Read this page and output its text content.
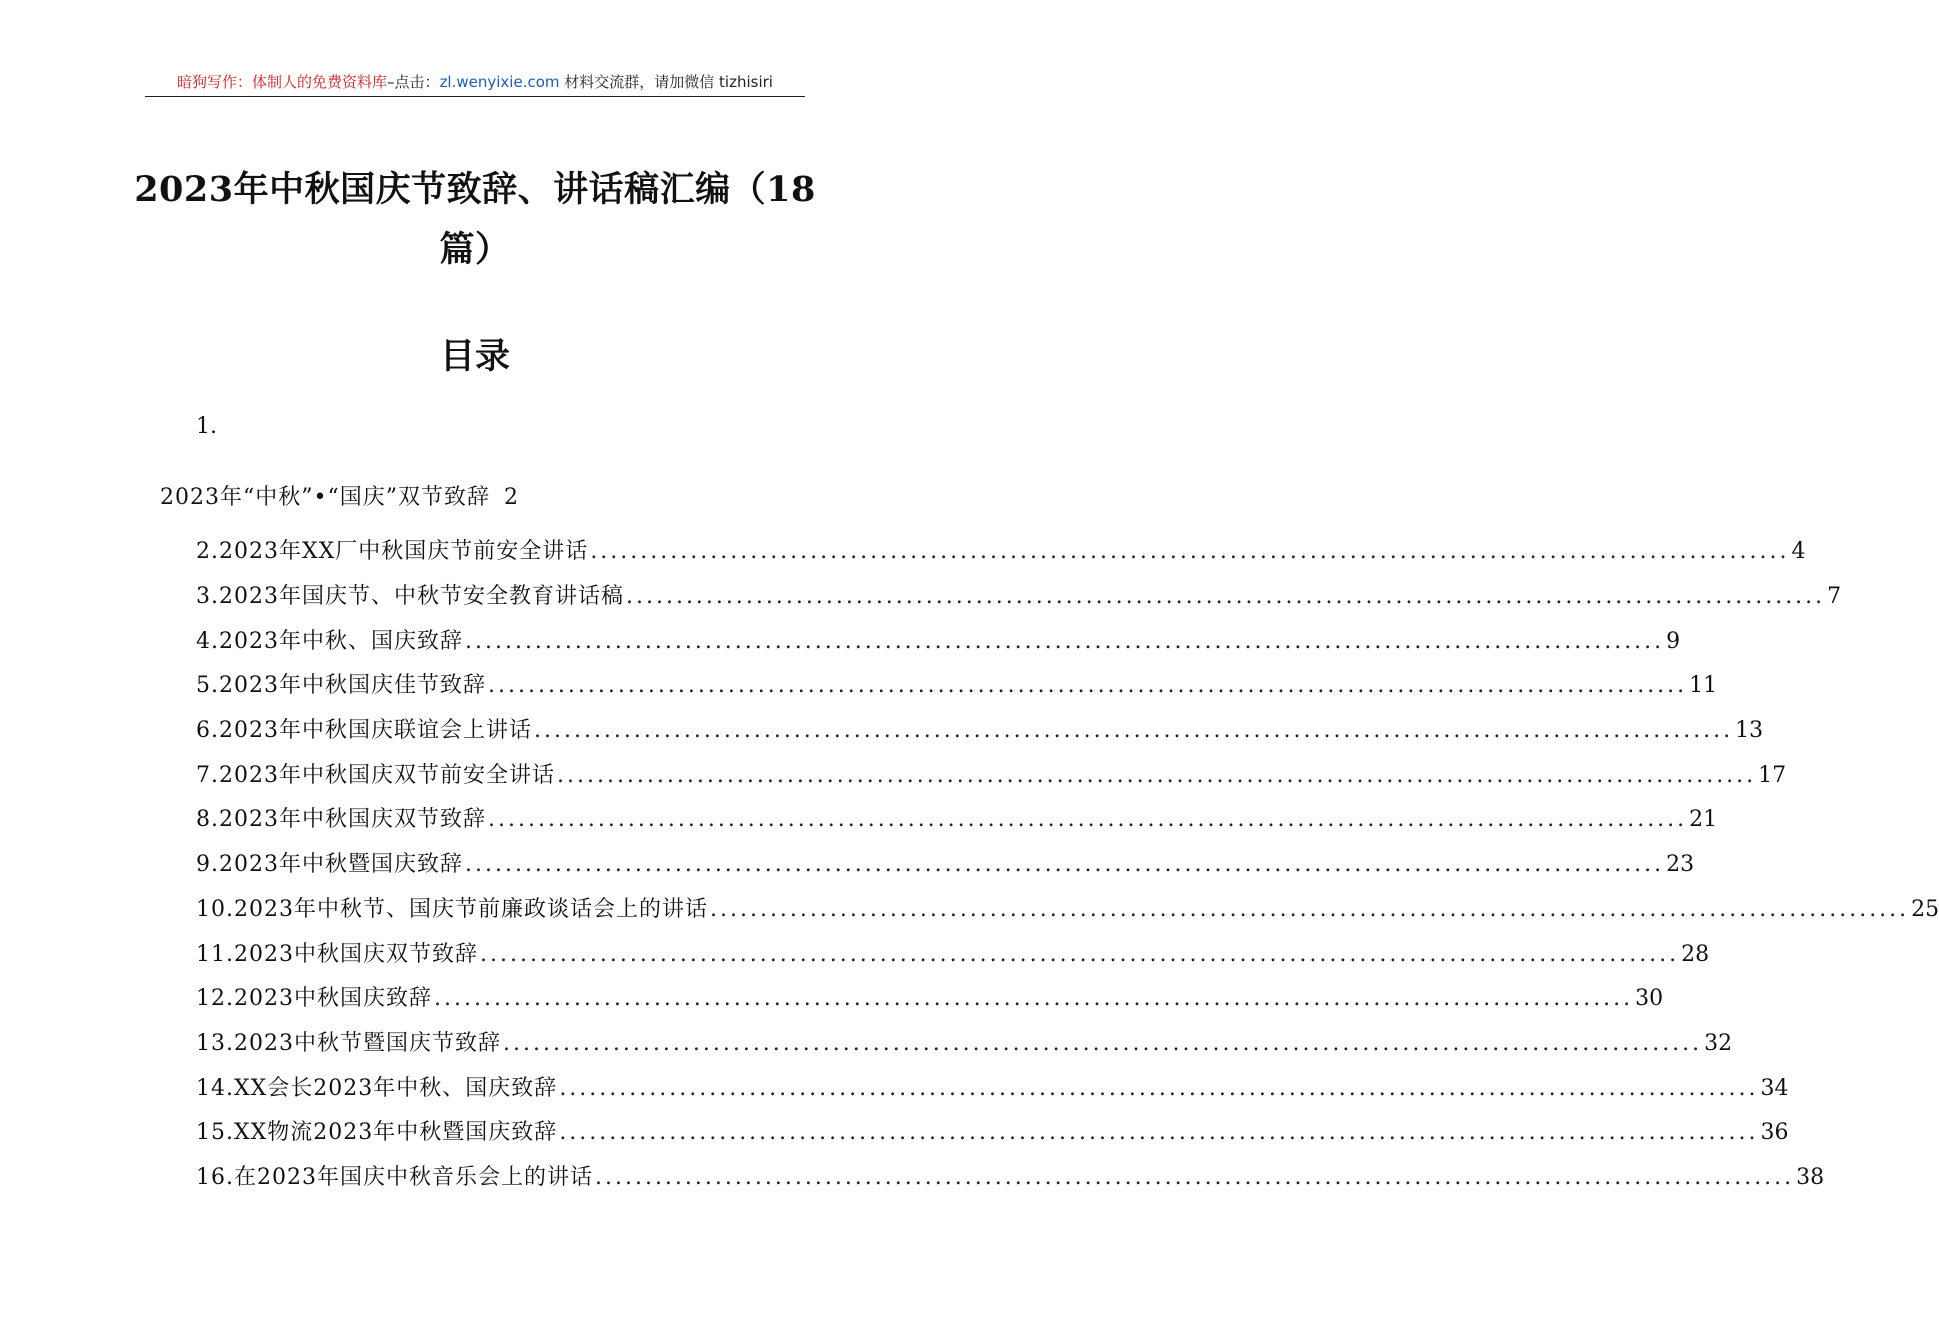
暗狗写作：体制人的免费资料库–点击：zl.wenyixie.com 材料交流群，请加微信 tizhisiri
2023年中秋国庆节致辞、讲话稿汇编（18篇）
目录
1.
2023年“中秋”•“国庆”双节致辞 2
2.2023年XX厂中秋国庆节前安全讲话 ........................................................................................................................ 4
3.2023年国庆节、中秋节安全教育讲话稿 ........................................................................................................................ 7
4.2023年中秋、国庆致辞 ........................................................................................................................ 9
5.2023年中秋国庆佳节致辞 ........................................................................................................................ 11
6.2023年中秋国庆联谊会上讲话 ........................................................................................................................ 13
7.2023年中秋国庆双节前安全讲话 ........................................................................................................................ 17
8.2023年中秋国庆双节致辞 ........................................................................................................................ 21
9.2023年中秋暨国庆致辞 ........................................................................................................................ 23
10.2023年中秋节、国庆节前廉政谈话会上的讲话 ........................................................................................................................ 25
11.2023中秋国庆双节致辞 ........................................................................................................................ 28
12.2023中秋国庆致辞 ........................................................................................................................ 30
13.2023中秋节暨国庆节致辞 ........................................................................................................................ 32
14.XX会长2023年中秋、国庆致辞 ........................................................................................................................ 34
15.XX物流2023年中秋暨国庆致辞 ........................................................................................................................ 36
16.在2023年国庆中秋音乐会上的讲话 ........................................................................................................................ 38
